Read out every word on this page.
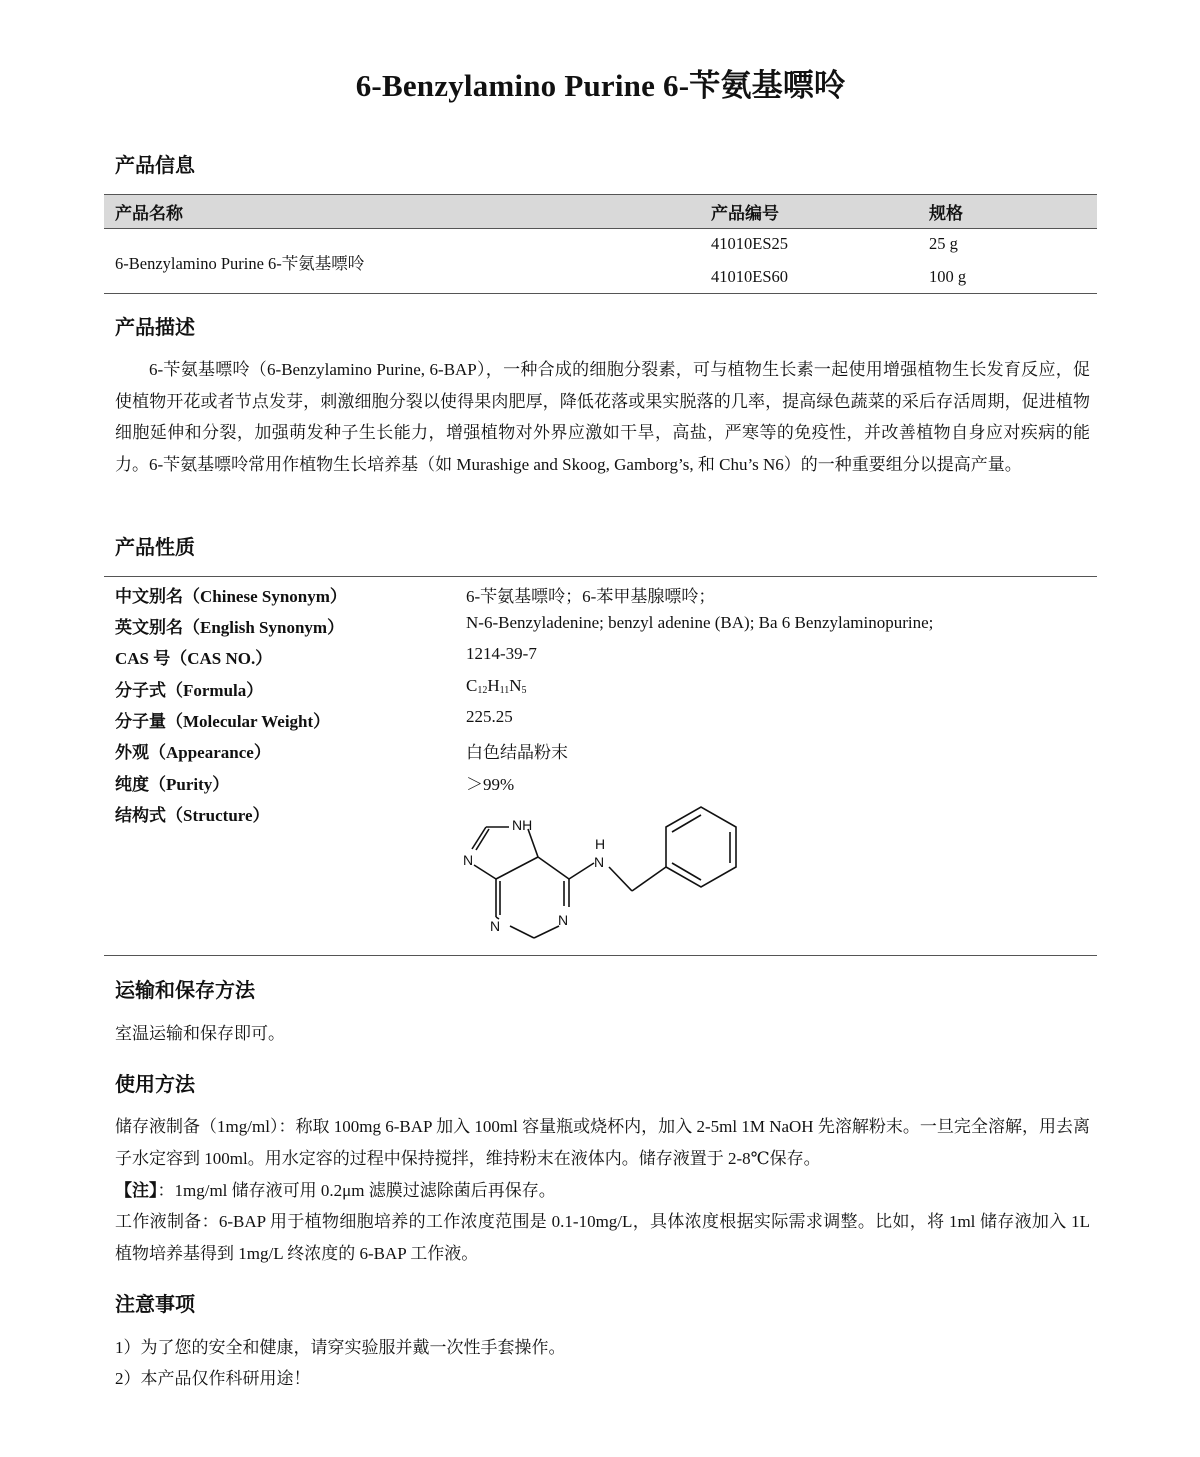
6-Benzylamino Purine 6-苄氨基嘌呤
产品信息
产品名称	产品编号	规格
6-Benzylamino Purine 6-苄氨基嘌呤
41010ES25	25 g
41010ES60	100 g
产品描述

6-苄氨基嘌呤（6-Benzylamino Purine, 6-BAP），一种合成的细胞分裂素，可与植物生长素一起使用增强植物生长发育反应，促使植物开花或者节点发芽，刺激细胞分裂以使得果肉肥厚，降低花落或果实脱落的几率，提高绿色蔬菜的采后存活周期，促进植物细胞延伸和分裂，加强萌发种子生长能力，增强植物对外界应激如干旱，高盐，严寒等的免疫性，并改善植物自身应对疾病的能力。6-苄氨基嘌呤常用作植物生长培养基（如 Murashige and Skoog, Gamborg’s, 和 Chu’s N6）的一种重要组分以提高产量。

产品性质
中文别名（Chinese Synonym）	6-苄氨基嘌呤；6-苯甲基腺嘌呤；
英文别名（English Synonym）	N-6-Benzyladenine; benzyl adenine (BA); Ba 6 Benzylaminopurine;
CAS 号（CAS NO.）	1214-39-7
分子式（Formula）	$C_{12}H_{11}N_5$
分子量（Molecular Weight）	225.25
外观（Appearance）	白色结晶粉末
纯度（Purity）	＞99%
结构式（Structure）	NH
N
N	N
H
N
运输和保存方法

室温运输和保存即可。

使用方法

储存液制备（1mg/ml）：称取 100mg 6-BAP 加入 100ml 容量瓶或烧杯内，加入 2-5ml 1M NaOH 先溶解粉末。一旦完全溶解，用去离子水定容到 100ml。用水定容的过程中保持搅拌，维持粉末在液体内。储存液置于 2-8℃保存。

【注】：1mg/ml 储存液可用 0.2μm 滤膜过滤除菌后再保存。

工作液制备：6-BAP 用于植物细胞培养的工作浓度范围是 0.1-10mg/L，具体浓度根据实际需求调整。比如，将 1ml 储存液加入 1L 植物培养基得到 1mg/L 终浓度的 6-BAP 工作液。

注意事项

1）为了您的安全和健康，请穿实验服并戴一次性手套操作。

2）本产品仅作科研用途！
